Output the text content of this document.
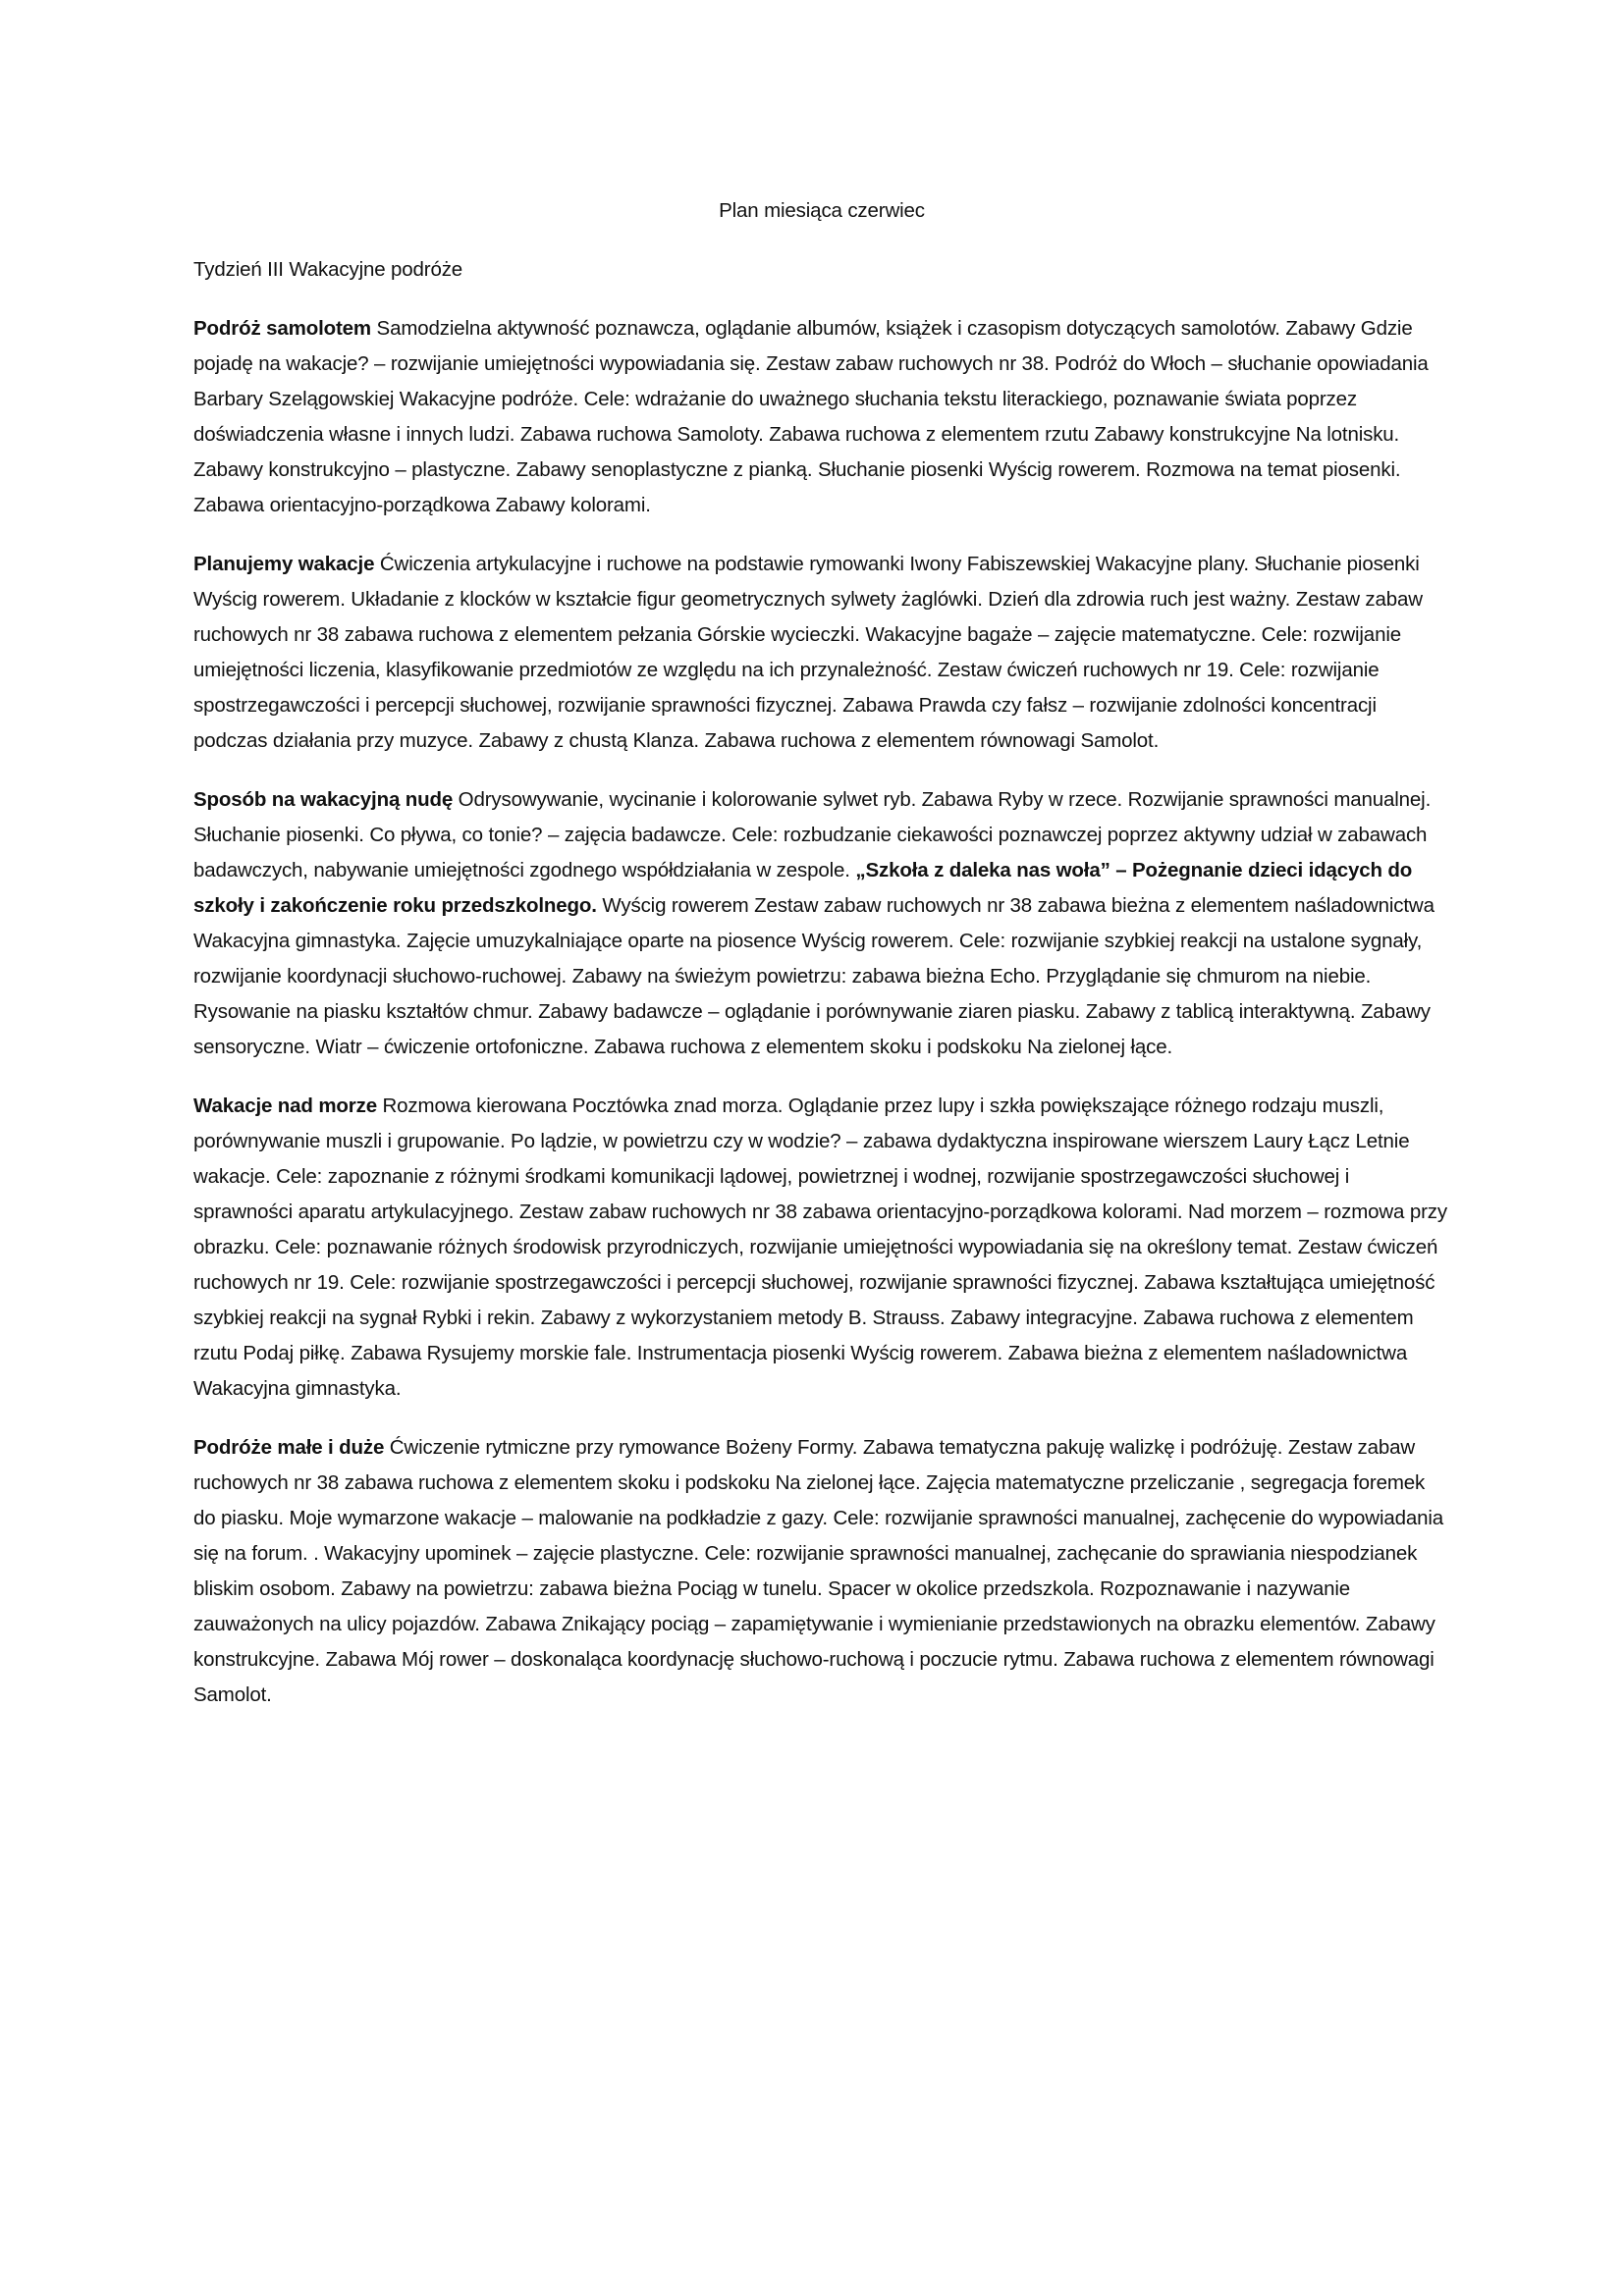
Plan miesiąca czerwiec

Tydzień III Wakacyjne podróże

Podróż samolotem Samodzielna aktywność poznawcza, oglądanie albumów, książek i czasopism dotyczących samolotów. Zabawy Gdzie pojadę na wakacje? – rozwijanie umiejętności wypowiadania się. Zestaw zabaw ruchowych nr 38. Podróż do Włoch – słuchanie opowiadania Barbary Szelągowskiej Wakacyjne podróże. Cele: wdrażanie do uważnego słuchania tekstu literackiego, poznawanie świata poprzez doświadczenia własne i innych ludzi. Zabawa ruchowa Samoloty. Zabawa ruchowa z elementem rzutu Zabawy konstrukcyjne Na lotnisku. Zabawy konstrukcyjno – plastyczne. Zabawy senoplastyczne z pianką. Słuchanie piosenki Wyścig rowerem. Rozmowa na temat piosenki. Zabawa orientacyjno-porządkowa Zabawy kolorami.

Planujemy wakacje Ćwiczenia artykulacyjne i ruchowe na podstawie rymowanki Iwony Fabiszewskiej Wakacyjne plany. Słuchanie piosenki Wyścig rowerem. Układanie z klocków w kształcie figur geometrycznych sylwety żaglówki. Dzień dla zdrowia ruch jest ważny. Zestaw zabaw ruchowych nr 38 zabawa ruchowa z elementem pełzania Górskie wycieczki. Wakacyjne bagaże – zajęcie matematyczne. Cele: rozwijanie umiejętności liczenia, klasyfikowanie przedmiotów ze względu na ich przynależność. Zestaw ćwiczeń ruchowych nr 19. Cele: rozwijanie spostrzegawczości i percepcji słuchowej, rozwijanie sprawności fizycznej. Zabawa Prawda czy fałsz – rozwijanie zdolności koncentracji podczas działania przy muzyce. Zabawy z chustą Klanza. Zabawa ruchowa z elementem równowagi Samolot.

Sposób na wakacyjną nudę Odrysowywanie, wycinanie i kolorowanie sylwet ryb. Zabawa Ryby w rzece. Rozwijanie sprawności manualnej. Słuchanie piosenki. Co pływa, co tonie? – zajęcia badawcze. Cele: rozbudzanie ciekawości poznawczej poprzez aktywny udział w zabawach badawczych, nabywanie umiejętności zgodnego współdziałania w zespole. „Szkoła z daleka nas woła” – Pożegnanie dzieci idących do szkoły i zakończenie roku przedszkolnego. Wyścig rowerem Zestaw zabaw ruchowych nr 38 zabawa bieżna z elementem naśladownictwa Wakacyjna gimnastyka. Zajęcie umuzykalniające oparte na piosence Wyścig rowerem. Cele: rozwijanie szybkiej reakcji na ustalone sygnały, rozwijanie koordynacji słuchowo-ruchowej. Zabawy na świeżym powietrzu: zabawa bieżna Echo. Przyglądanie się chmurom na niebie. Rysowanie na piasku kształtów chmur. Zabawy badawcze – oglądanie i porównywanie ziaren piasku. Zabawy z tablicą interaktywną. Zabawy sensoryczne. Wiatr – ćwiczenie ortofoniczne. Zabawa ruchowa z elementem skoku i podskoku Na zielonej łące.

Wakacje nad morze Rozmowa kierowana Pocztówka znad morza. Oglądanie przez lupy i szkła powiększające różnego rodzaju muszli, porównywanie muszli i grupowanie. Po lądzie, w powietrzu czy w wodzie? – zabawa dydaktyczna inspirowane wierszem Laury Łącz Letnie wakacje. Cele: zapoznanie z różnymi środkami komunikacji lądowej, powietrznej i wodnej, rozwijanie spostrzegawczości słuchowej i sprawności aparatu artykulacyjnego. Zestaw zabaw ruchowych nr 38 zabawa orientacyjno-porządkowa kolorami. Nad morzem – rozmowa przy obrazku. Cele: poznawanie różnych środowisk przyrodniczych, rozwijanie umiejętności wypowiadania się na określony temat. Zestaw ćwiczeń ruchowych nr 19. Cele: rozwijanie spostrzegawczości i percepcji słuchowej, rozwijanie sprawności fizycznej. Zabawa kształtująca umiejętność szybkiej reakcji na sygnał Rybki i rekin. Zabawy z wykorzystaniem metody B. Strauss. Zabawy integracyjne. Zabawa ruchowa z elementem rzutu Podaj piłkę. Zabawa Rysujemy morskie fale. Instrumentacja piosenki Wyścig rowerem. Zabawa bieżna z elementem naśladownictwa Wakacyjna gimnastyka.

Podróże małe i duże Ćwiczenie rytmiczne przy rymowance Bożeny Formy. Zabawa tematyczna pakuję walizkę i podróżuję. Zestaw zabaw ruchowych nr 38 zabawa ruchowa z elementem skoku i podskoku Na zielonej łące. Zajęcia matematyczne przeliczanie , segregacja foremek do piasku. Moje wymarzone wakacje – malowanie na podkładzie z gazy. Cele: rozwijanie sprawności manualnej, zachęcenie do wypowiadania się na forum. . Wakacyjny upominek – zajęcie plastyczne. Cele: rozwijanie sprawności manualnej, zachęcanie do sprawiania niespodzianek bliskim osobom. Zabawy na powietrzu: zabawa bieżna Pociąg w tunelu. Spacer w okolice przedszkola. Rozpoznawanie i nazywanie zauważonych na ulicy pojazdów. Zabawa Znikający pociąg – zapamiętywanie i wymienianie przedstawionych na obrazku elementów. Zabawy konstrukcyjne. Zabawa Mój rower – doskonaląca koordynację słuchowo-ruchową i poczucie rytmu. Zabawa ruchowa z elementem równowagi Samolot.
